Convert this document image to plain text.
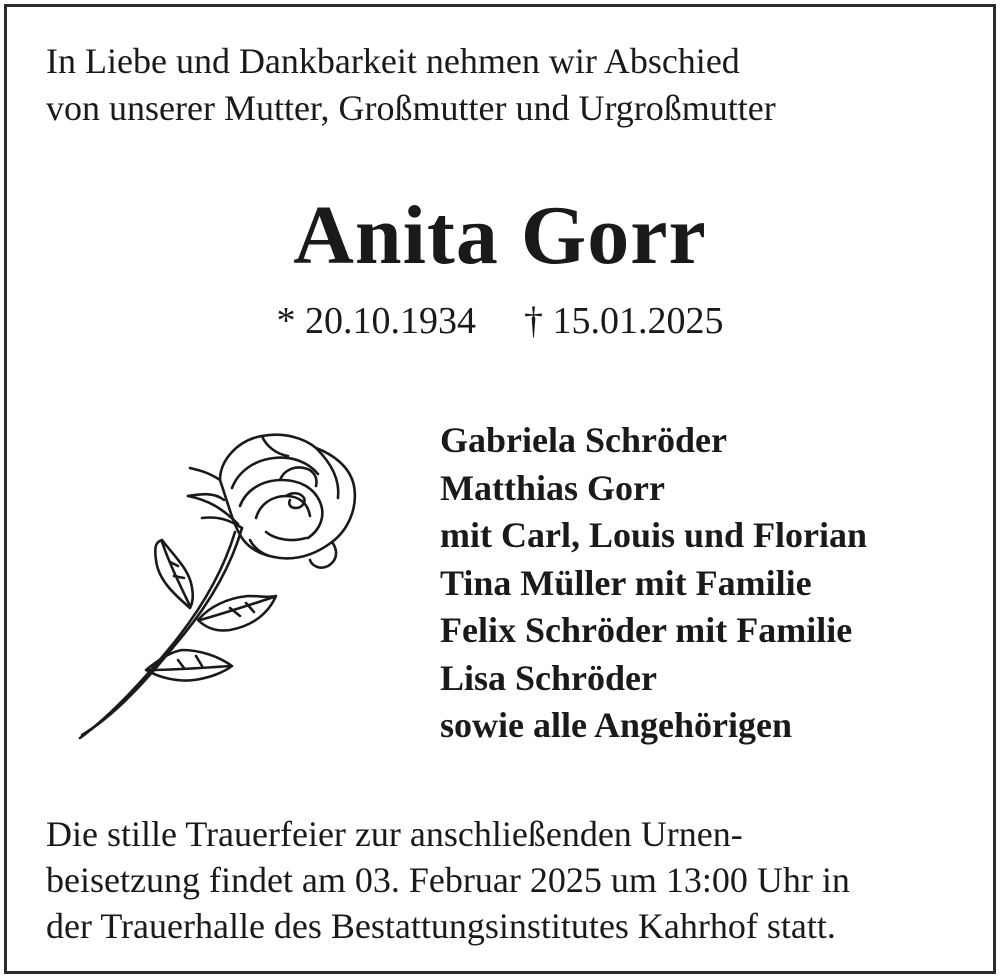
In Liebe und Dankbarkeit nehmen wir Abschied
von unserer Mutter, Großmutter und Urgroßmutter
Anita Gorr
* 20.10.1934 † 15.01.2025
Gabriela Schröder
Matthias Gorr
mit Carl, Louis und Florian
Tina Müller mit Familie
Felix Schröder mit Familie
Lisa Schröder
sowie alle Angehörigen
Die stille Trauerfeier zur anschließenden Urnen-
beisetzung findet am 03. Februar 2025 um 13:00 Uhr in
der Trauerhalle des Bestattungsinstitutes Kahrhof statt.
